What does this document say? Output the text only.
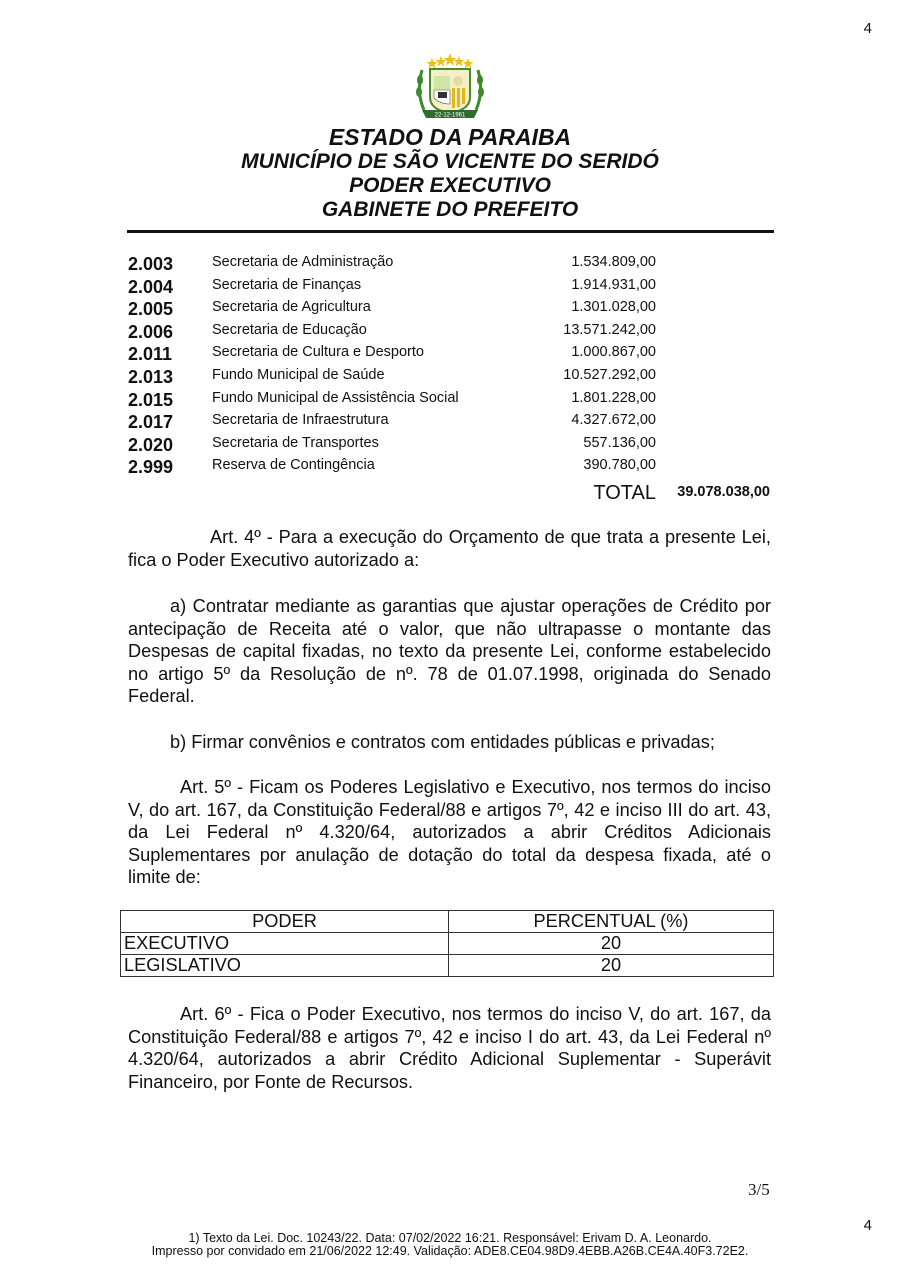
4
22-12-1961
ESTADO DA PARAIBA
MUNICÍPIO DE SÃO VICENTE DO SERIDÓ
PODER EXECUTIVO
GABINETE DO PREFEITO
2.003	Secretaria de Administração	1.534.809,00
2.004	Secretaria de Finanças	1.914.931,00
2.005	Secretaria de Agricultura	1.301.028,00
2.006	Secretaria de Educação	13.571.242,00
2.011	Secretaria de Cultura e Desporto	1.000.867,00
2.013	Fundo Municipal de Saúde	10.527.292,00
2.015	Fundo Municipal de Assistência Social	1.801.228,00
2.017	Secretaria de Infraestrutura	4.327.672,00
2.020	Secretaria de Transportes	557.136,00
2.999	Reserva de Contingência	390.780,00
TOTAL 39.078.038,00
Art. 4º - Para a execução do Orçamento de que trata a presente Lei, fica o Poder Executivo autorizado a:
a) Contratar mediante as garantias que ajustar operações de Crédito por antecipação de Receita até o valor, que não ultrapasse o montante das Despesas de capital fixadas, no texto da presente Lei, conforme estabelecido no artigo 5º da Resolução de nº. 78 de 01.07.1998, originada do Senado Federal.
b) Firmar convênios e contratos com entidades públicas e privadas;
Art. 5º - Ficam os Poderes Legislativo e Executivo, nos termos do inciso V, do art. 167, da Constituição Federal/88 e artigos 7º, 42 e inciso III do art. 43, da Lei Federal nº 4.320/64, autorizados a abrir Créditos Adicionais Suplementares por anulação de dotação do total da despesa fixada, até o limite de:
PODER	PERCENTUAL (%)
EXECUTIVO	20
LEGISLATIVO	20
Art. 6º - Fica o Poder Executivo, nos termos do inciso V, do art. 167, da Constituição Federal/88 e artigos 7º, 42 e inciso I do art. 43, da Lei Federal nº 4.320/64, autorizados a abrir Crédito Adicional Suplementar - Superávit Financeiro, por Fonte de Recursos.
3/5
4
1) Texto da Lei. Doc. 10243/22. Data: 07/02/2022 16:21. Responsável: Erivam D. A. Leonardo.
Impresso por convidado em 21/06/2022 12:49. Validação: ADE8.CE04.98D9.4EBB.A26B.CE4A.40F3.72E2.
